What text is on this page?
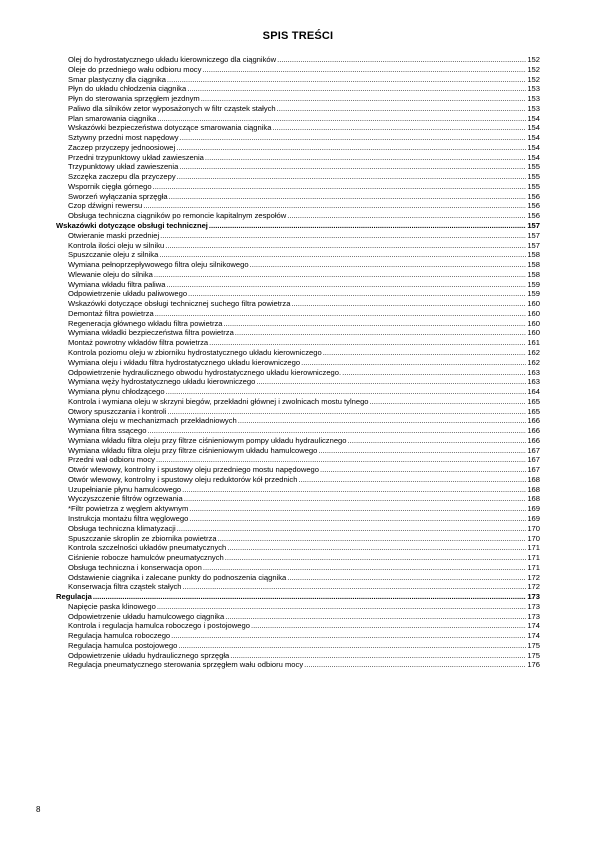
SPIS TREŚCI
Olej do hydrostatycznego układu kierowniczego dla ciągników .....	152
Oleje do przedniego wału odbioru mocy .....	152
Smar plastyczny dla ciągnika .....	152
Płyn do układu chłodzenia ciągnika .....	153
Płyn do sterowania sprzęgłem jezdnym .....	153
Paliwo dla silników zetor wyposażonych w filtr cząstek stałych .....	153
Plan smarowania ciągnika .....	154
Wskazówki bezpieczeństwa dotyczące smarowania ciągnika .....	154
Sztywny przedni most napędowy .....	154
Zaczep przyczepy jednoosiowej .....	154
Przedni trzypunktowy układ zawieszenia .....	154
Trzypunktowy układ zawieszenia .....	155
Szczęka zaczepu dla przyczepy .....	155
Wspornik cięgła górnego .....	155
Sworzeń wyłączania sprzęgła .....	156
Czop dźwigni rewersu .....	156
Obsługa techniczna ciągników po remoncie kapitalnym zespołów .....	156
Wskazówki dotyczące obsługi technicznej .....	157
Otwieranie maski przedniej .....	157
Kontrola ilości oleju w silniku .....	157
Spuszczanie oleju z silnika .....	158
Wymiana pełnoprzepływowego filtra oleju silnikowego .....	158
Wlewanie oleju do silnika .....	158
Wymiana wkładu filtra paliwa .....	159
Odpowietrzenie układu paliwowego .....	159
Wskazówki dotyczące obsługi technicznej suchego filtra powietrza .....	160
Demontaż filtra powietrza .....	160
Regeneracja głównego wkładu filtra powietrza .....	160
Wymiana wkładki bezpieczeństwa filtra powietrza .....	160
Montaż powrotny wkładów filtra powietrza .....	161
Kontrola poziomu oleju w zbiorniku hydrostatycznego układu kierowniczego .....	162
Wymiana oleju i wkładu filtra hydrostatycznego układu kierowniczego .....	162
Odpowietrzenie hydraulicznego obwodu hydrostatycznego układu kierowniczego. .....	163
Wymiana węży hydrostatycznego układu kierowniczego .....	163
Wymiana płynu chłodzącego .....	164
Kontrola i wymiana oleju w skrzyni biegów, przekładni głównej i zwolnicach mostu tylnego .....	165
Otwory spuszczania i kontroli .....	165
Wymiana oleju w mechanizmach przekładniowych .....	166
Wymiana filtra ssącego .....	166
Wymiana wkładu filtra oleju przy filtrze ciśnieniowym pompy układu hydraulicznego .....	166
Wymiana wkładu filtra oleju przy filtrze ciśnieniowym układu hamulcowego .....	167
Przedni wał odbioru mocy .....	167
Otwór wlewowy, kontrolny i spustowy oleju przedniego mostu napędowego .....	167
Otwór wlewowy, kontrolny i spustowy oleju reduktorów kół przednich .....	168
Uzupełnianie płynu hamulcowego .....	168
Wyczyszczenie filtrów ogrzewania .....	168
*Filtr powietrza z węglem aktywnym .....	169
Instrukcja montażu filtra węglowego .....	169
Obsługa techniczna klimatyzacji .....	170
Spuszczanie skroplin ze zbiornika powietrza .....	170
Kontrola szczelności układów pneumatycznych .....	171
Ciśnienie robocze hamulców pneumatycznych .....	171
Obsługa techniczna i konserwacja opon .....	171
Odstawienie ciągnika i zalecane punkty do podnoszenia ciągnika .....	172
Konserwacja filtra cząstek stałych .....	172
Regulacja .....	173
Napięcie paska klinowego .....	173
Odpowietrzenie układu hamulcowego ciągnika .....	173
Kontrola i regulacja hamulca roboczego i postojowego .....	174
Regulacja hamulca roboczego .....	174
Regulacja hamulca postojowego .....	175
Odpowietrzenie układu hydraulicznego sprzęgła .....	175
Regulacja pneumatycznego sterowania sprzęgłem wału odbioru mocy .....	176
8
